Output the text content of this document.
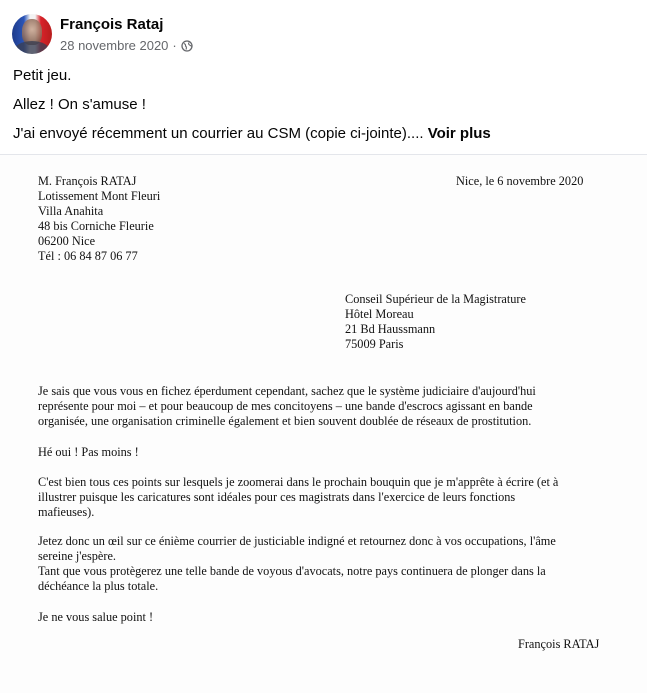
François Rataj
28 novembre 2020 ·

Petit jeu.

Allez ! On s'amuse !

J'ai envoyé récemment un courrier au CSM (copie ci-jointe).... Voir plus

M. François RATAJ
Lotissement Mont Fleuri
Villa Anahita
48 bis Corniche Fleurie
06200 Nice
Tél : 06 84 87 06 77
Nice, le 6 novembre 2020
Conseil Supérieur de la Magistrature
Hôtel Moreau
21 Bd Haussmann
75009 Paris
Je sais que vous vous en fichez éperdument cependant, sachez que le système judiciaire d'aujourd'hui
représente pour moi – et pour beaucoup de mes concitoyens – une bande d'escrocs agissant en bande
organisée, une organisation criminelle également et bien souvent doublée de réseaux de prostitution.
Hé oui ! Pas moins !
C'est bien tous ces points sur lesquels je zoomerai dans le prochain bouquin que je m'apprête à écrire (et à
illustrer puisque les caricatures sont idéales pour ces magistrats dans l'exercice de leurs fonctions
mafieuses).
Jetez donc un œil sur ce énième courrier de justiciable indigné et retournez donc à vos occupations, l'âme
sereine j'espère.
Tant que vous protègerez une telle bande de voyous d'avocats, notre pays continuera de plonger dans la
déchéance la plus totale.
Je ne vous salue point !
François RATAJ
